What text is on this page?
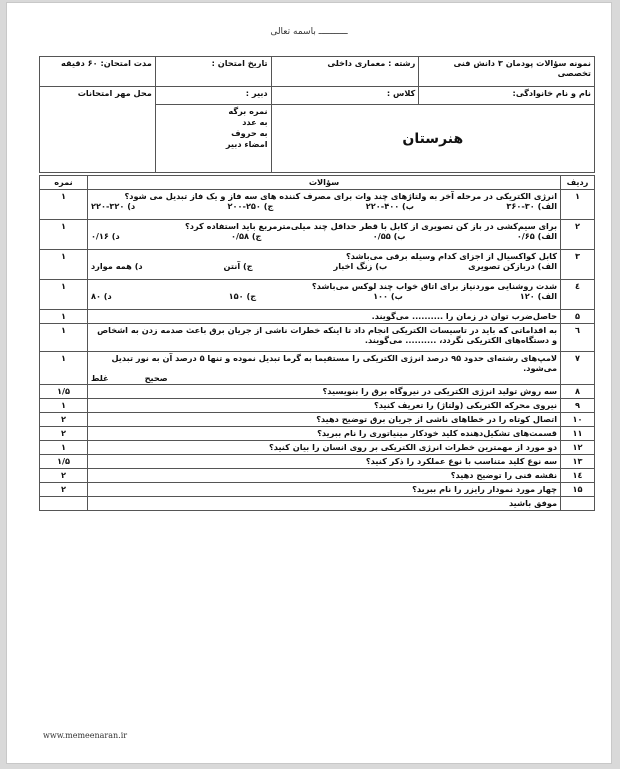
ـــــــــــ باسمه تعالی
نمونه سؤالات پودمان ۳ دانش فنی تخصصی	رشته : معماری داخلی	تاریخ امتحان :	مدت امتحان: ۶۰ دقیقه
نام و نام خانوادگی:	کلاس :	دبیر :	محل مهر امتحانات
هنرستان		نمره برگه
به عدد
به حروف
امضاء دبیر	
ردیف	سؤالات	نمره
۱	انرژی الکتریکی در مرحله آخر به ولتاژهای چند وات برای مصرف کننده های سه فاز و یک فاز تبدیل می شود؟
الف) ۳۰-۳۶۰
ب) ۴۰۰-۲۲۰
ج) ۲۵۰-۲۰۰
د) ۳۲۰-۲۲۰	۱
۲	برای سیم‌کشی در باز کن تصویری از کابل با قطر حداقل چند میلی‌مترمربع باید استفاده کرد؟
الف) ۰/۶۵
ب) ۰/۵۵
ج) ۰/۵۸
د) ۰/۱۶	۱
۳	کابل کواکسیال از اجزای کدام وسیله برقی می‌باشد؟
الف) دربازکن تصویری
ب) زنگ اخبار
ج) آنتن
د) همه موارد	۱
٤	شدت روشنایی موردنیاز برای اتاق خواب چند لوکس می‌باشد؟
الف) ۱۲۰
ب) ۱۰۰
ج) ۱۵۰
د) ۸۰	۱
۵	حاصل‌ضرب توان در زمان را .......... می‌گویند.	۱
٦	به اقداماتی که باید در تاسیسات الکتریکی انجام داد تا اینکه خطرات ناشی از جریان برق باعث صدمه زدن به اشخاص و دستگاه‌های الکتریکی نگردد، .......... می‌گویند.	۱
۷	لامپ‌های رشته‌ای حدود ۹۵ درصد انرژی الکتریکی را مستقیما به گرما تبدیل نموده و تنها ۵ درصد آن به نور تبدیل می‌شود.
صحیح
غلط	۱
۸	سه روش تولید انرژی الکتریکی در نیروگاه برق را بنویسید؟	۱/۵
۹	نیروی محرکه الکتریکی (ولتاژ) را تعریف کنید؟	۱
۱۰	اتصال کوتاه را در خطاهای ناشی از جریان برق توضیح دهید؟	۲
۱۱	قسمت‌های تشکیل‌دهنده کلید خودکار مینیاتوری را نام ببرید؟	۲
۱۲	دو مورد از مهمترین خطرات انرژی الکتریکی بر روی انسان را بیان کنید؟	۱
۱۳	سه نوع کلید متناسب با نوع عملکرد را ذکر کنید؟	۱/۵
۱٤	نقشه فنی را توضیح دهید؟	۲
۱۵	چهار مورد نمودار رایزر را نام ببرید؟	۲
	موفق باشید	
www.memeenaran.ir
